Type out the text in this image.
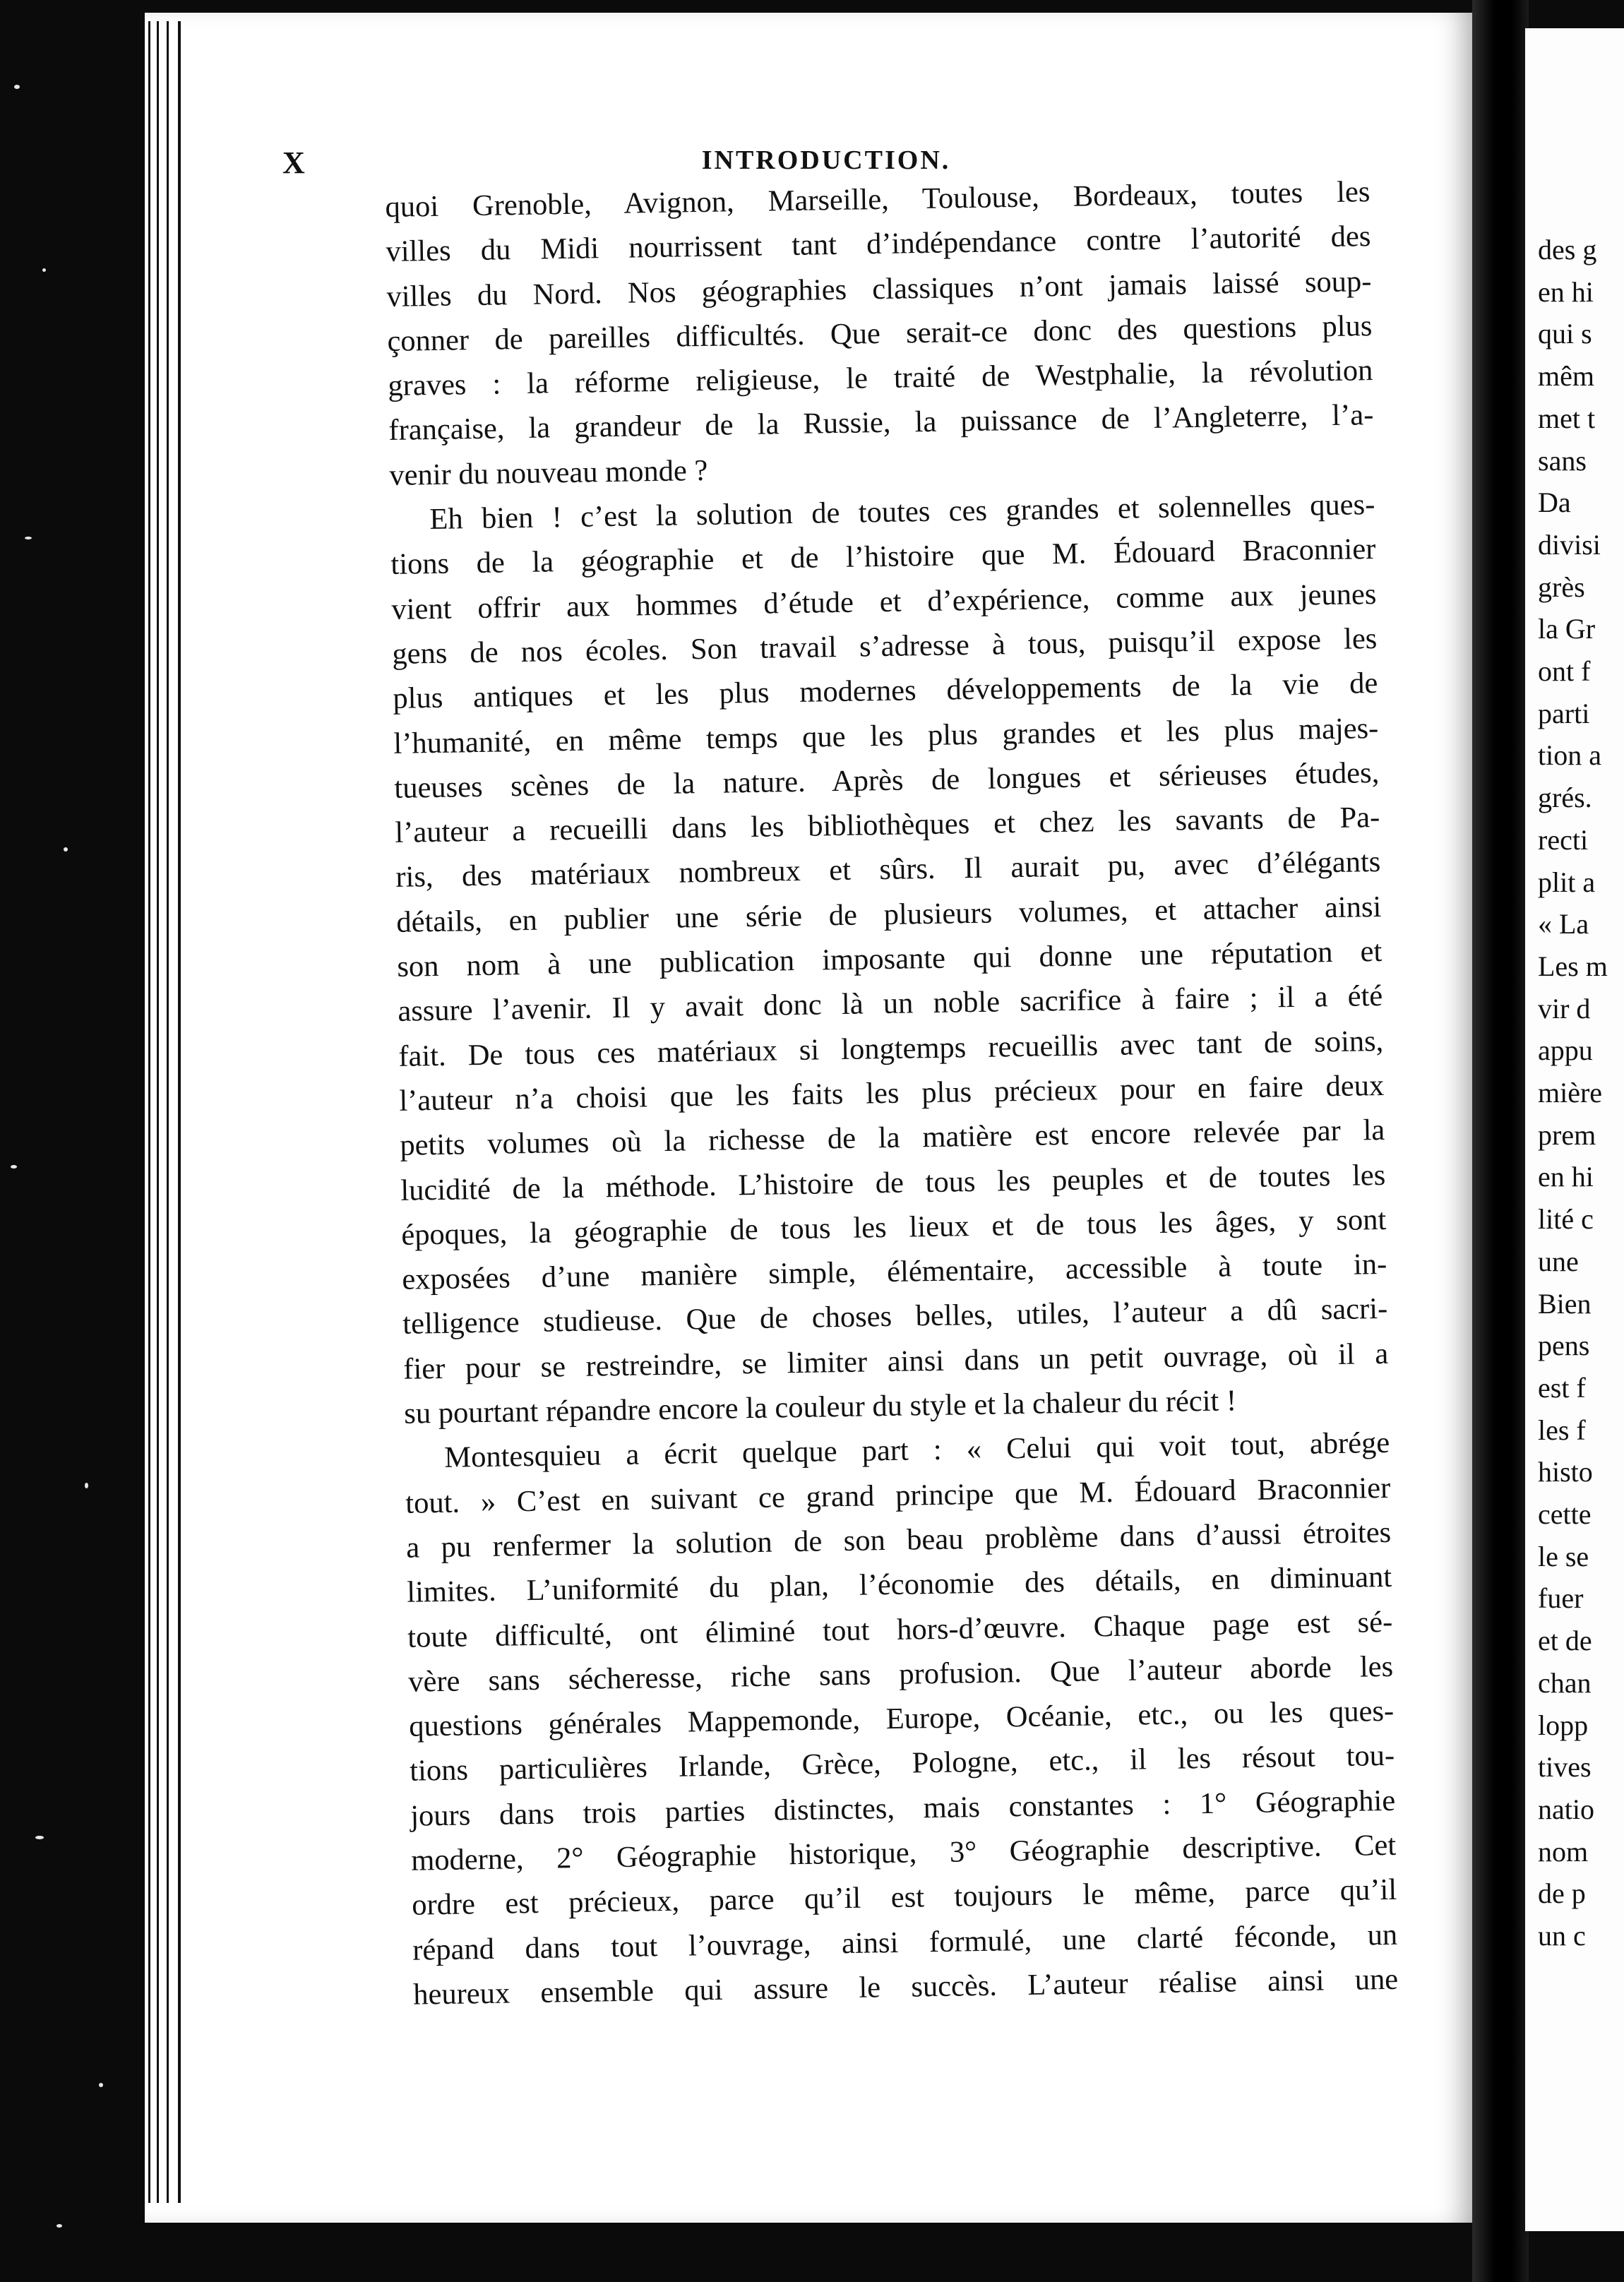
X	INTRODUCTION.
quoi Grenoble, Avignon, Marseille, Toulouse, Bordeaux, toutes les
villes du Midi nourrissent tant d’indépendance contre l’autorité des
villes du Nord. Nos géographies classiques n’ont jamais laissé soup-
çonner de pareilles difficultés. Que serait-ce donc des questions plus
graves : la réforme religieuse, le traité de Westphalie, la révolution
française, la grandeur de la Russie, la puissance de l’Angleterre, l’a-
venir du nouveau monde ?
Eh bien ! c’est la solution de toutes ces grandes et solennelles ques-
tions de la géographie et de l’histoire que M. Édouard Braconnier
vient offrir aux hommes d’étude et d’expérience, comme aux jeunes
gens de nos écoles. Son travail s’adresse à tous, puisqu’il expose les
plus antiques et les plus modernes développements de la vie de
l’humanité, en même temps que les plus grandes et les plus majes-
tueuses scènes de la nature. Après de longues et sérieuses études,
l’auteur a recueilli dans les bibliothèques et chez les savants de Pa-
ris, des matériaux nombreux et sûrs. Il aurait pu, avec d’élégants
détails, en publier une série de plusieurs volumes, et attacher ainsi
son nom à une publication imposante qui donne une réputation et
assure l’avenir. Il y avait donc là un noble sacrifice à faire ; il a été
fait. De tous ces matériaux si longtemps recueillis avec tant de soins,
l’auteur n’a choisi que les faits les plus précieux pour en faire deux
petits volumes où la richesse de la matière est encore relevée par la
lucidité de la méthode. L’histoire de tous les peuples et de toutes les
époques, la géographie de tous les lieux et de tous les âges, y sont
exposées d’une manière simple, élémentaire, accessible à toute in-
telligence studieuse. Que de choses belles, utiles, l’auteur a dû sacri-
fier pour se restreindre, se limiter ainsi dans un petit ouvrage, où il a
su pourtant répandre encore la couleur du style et la chaleur du récit !
Montesquieu a écrit quelque part : « Celui qui voit tout, abrége
tout. » C’est en suivant ce grand principe que M. Édouard Braconnier
a pu renfermer la solution de son beau problème dans d’aussi étroites
limites. L’uniformité du plan, l’économie des détails, en diminuant
toute difficulté, ont éliminé tout hors-d’œuvre. Chaque page est sé-
vère sans sécheresse, riche sans profusion. Que l’auteur aborde les
questions générales Mappemonde, Europe, Océanie, etc., ou les ques-
tions particulières Irlande, Grèce, Pologne, etc., il les résout tou-
jours dans trois parties distinctes, mais constantes : 1° Géographie
moderne, 2° Géographie historique, 3° Géographie descriptive. Cet
ordre est précieux, parce qu’il est toujours le même, parce qu’il
répand dans tout l’ouvrage, ainsi formulé, une clarté féconde, un
heureux ensemble qui assure le succès. L’auteur réalise ainsi une
des g
en hi
qui s
mêm
met t
sans
Da
divisi
grès
la Gr
ont f
parti
tion a
grés.
recti
plit a
« La
Les m
vir d
appu
mière
prem
en hi
lité c
une
Bien
pens
est f
les f
histo
cette
le se
fuer
et de
chan
lopp
tives
natio
nom
de p
un c
